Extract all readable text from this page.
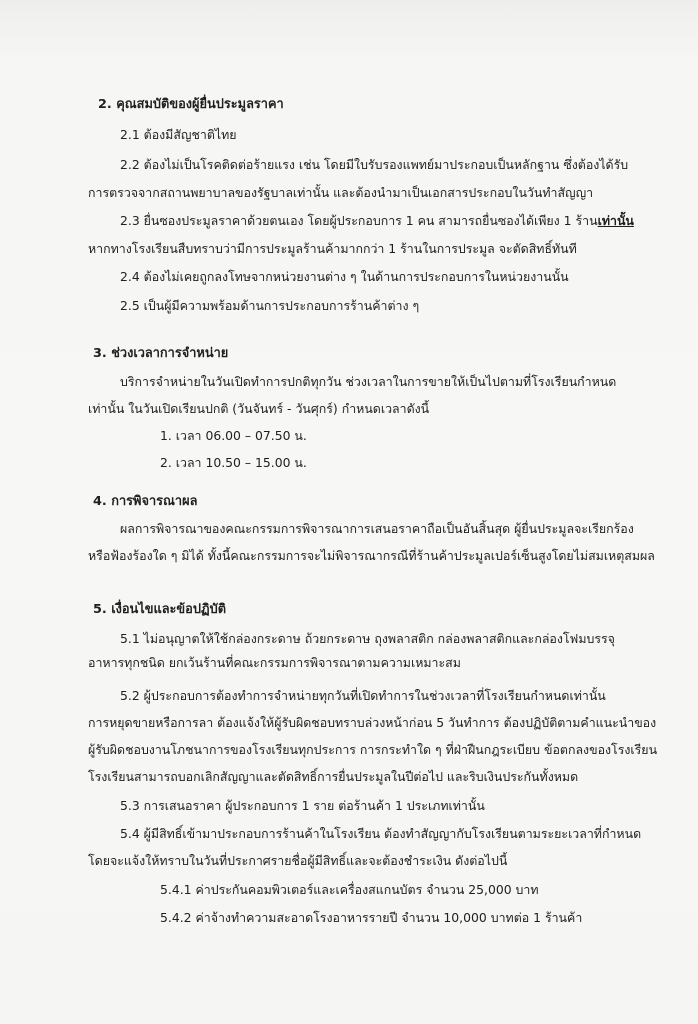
2. คุณสมบัติของผู้ยื่นประมูลราคา
2.1 ต้องมีสัญชาติไทย
2.2 ต้องไม่เป็นโรคติดต่อร้ายแรง เช่น โดยมีใบรับรองแพทย์มาประกอบเป็นหลักฐาน ซึ่งต้องได้รับ
การตรวจจากสถานพยาบาลของรัฐบาลเท่านั้น และต้องนำมาเป็นเอกสารประกอบในวันทำสัญญา
2.3 ยื่นซองประมูลราคาด้วยตนเอง โดยผู้ประกอบการ 1 คน สามารถยื่นซองได้เพียง 1 ร้านเท่านั้น
หากทางโรงเรียนสืบทราบว่ามีการประมูลร้านค้ามากกว่า 1 ร้านในการประมูล จะตัดสิทธิ์ทันที
2.4 ต้องไม่เคยถูกลงโทษจากหน่วยงานต่าง ๆ ในด้านการประกอบการในหน่วยงานนั้น
2.5 เป็นผู้มีความพร้อมด้านการประกอบการร้านค้าต่าง ๆ
3. ช่วงเวลาการจำหน่าย
บริการจำหน่ายในวันเปิดทำการปกติทุกวัน ช่วงเวลาในการขายให้เป็นไปตามที่โรงเรียนกำหนด
เท่านั้น ในวันเปิดเรียนปกติ (วันจันทร์ - วันศุกร์) กำหนดเวลาดังนี้
1. เวลา 06.00 – 07.50 น.
2. เวลา 10.50 – 15.00 น.
4. การพิจารณาผล
ผลการพิจารณาของคณะกรรมการพิจารณาการเสนอราคาถือเป็นอันสิ้นสุด ผู้ยื่นประมูลจะเรียกร้อง
หรือฟ้องร้องใด ๆ มิได้ ทั้งนี้คณะกรรมการจะไม่พิจารณากรณีที่ร้านค้าประมูลเปอร์เซ็นสูงโดยไม่สมเหตุสมผล
5. เงื่อนไขและข้อปฏิบัติ
5.1 ไม่อนุญาตให้ใช้กล่องกระดาษ ถ้วยกระดาษ ถุงพลาสติก กล่องพลาสติกและกล่องโฟมบรรจุ
อาหารทุกชนิด ยกเว้นร้านที่คณะกรรมการพิจารณาตามความเหมาะสม
5.2 ผู้ประกอบการต้องทำการจำหน่ายทุกวันที่เปิดทำการในช่วงเวลาที่โรงเรียนกำหนดเท่านั้น
การหยุดขายหรือการลา ต้องแจ้งให้ผู้รับผิดชอบทราบล่วงหน้าก่อน 5 วันทำการ ต้องปฏิบัติตามคำแนะนำของ
ผู้รับผิดชอบงานโภชนาการของโรงเรียนทุกประการ การกระทำใด ๆ ที่ฝ่าฝืนกฎระเบียบ ข้อตกลงของโรงเรียน
โรงเรียนสามารถบอกเลิกสัญญาและตัดสิทธิ์การยื่นประมูลในปีต่อไป และริบเงินประกันทั้งหมด
5.3 การเสนอราคา ผู้ประกอบการ 1 ราย ต่อร้านค้า 1 ประเภทเท่านั้น
5.4 ผู้มีสิทธิ์เข้ามาประกอบการร้านค้าในโรงเรียน ต้องทำสัญญากับโรงเรียนตามระยะเวลาที่กำหนด
โดยจะแจ้งให้ทราบในวันที่ประกาศรายชื่อผู้มีสิทธิ์และจะต้องชำระเงิน ดังต่อไปนี้
5.4.1 ค่าประกันคอมพิวเตอร์และเครื่องสแกนบัตร จำนวน 25,000 บาท
5.4.2 ค่าจ้างทำความสะอาดโรงอาหารรายปี จำนวน 10,000 บาทต่อ 1 ร้านค้า
